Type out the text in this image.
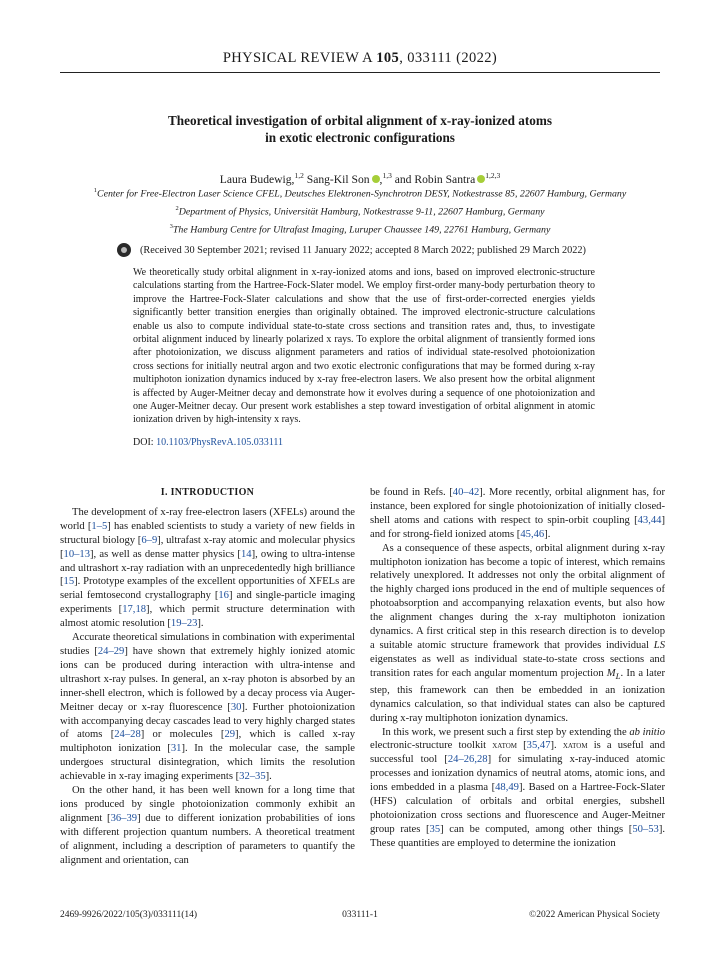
PHYSICAL REVIEW A 105, 033111 (2022)
Theoretical investigation of orbital alignment of x-ray-ionized atoms
in exotic electronic configurations
Laura Budewig,$^{1,2}$ Sang-Kil Son ,$^{1,3}$ and Robin Santra $^{1,2,3}$
$^1$Center for Free-Electron Laser Science CFEL, Deutsches Elektronen-Synchrotron DESY, Notkestrasse 85, 22607 Hamburg, Germany
$^2$Department of Physics, Universität Hamburg, Notkestrasse 9-11, 22607 Hamburg, Germany
$^3$The Hamburg Centre for Ultrafast Imaging, Luruper Chaussee 149, 22761 Hamburg, Germany
(Received 30 September 2021; revised 11 January 2022; accepted 8 March 2022; published 29 March 2022)
We theoretically study orbital alignment in x-ray-ionized atoms and ions, based on improved electronic-structure calculations starting from the Hartree-Fock-Slater model. We employ first-order many-body perturbation theory to improve the Hartree-Fock-Slater calculations and show that the use of first-order-corrected energies yields significantly better transition energies than originally obtained. The improved electronic-structure calculations enable us also to compute individual state-to-state cross sections and transition rates and, thus, to investigate orbital alignment induced by linearly polarized x rays. To explore the orbital alignment of transiently formed ions after photoionization, we discuss alignment parameters and ratios of individual state-resolved photoionization cross sections for initially neutral argon and two exotic electronic configurations that may be formed during x-ray multiphoton ionization dynamics induced by x-ray free-electron lasers. We also present how the orbital alignment is affected by Auger-Meitner decay and demonstrate how it evolves during a sequence of one photoionization and one Auger-Meitner decay. Our present work establishes a step toward investigation of orbital alignment in atomic ionization driven by high-intensity x rays.
DOI: 10.1103/PhysRevA.105.033111
I. INTRODUCTION

The development of x-ray free-electron lasers (XFELs) around the world [1–5] has enabled scientists to study a variety of new fields in structural biology [6–9], ultrafast x-ray atomic and molecular physics [10–13], as well as dense matter physics [14], owing to ultra-intense and ultrashort x-ray radiation with an unprecedentedly high brilliance [15]. Prototype examples of the excellent opportunities of XFELs are serial femtosecond crystallography [16] and single-particle imaging experiments [17,18], which permit structure determination with almost atomic resolution [19–23].

Accurate theoretical simulations in combination with experimental studies [24–29] have shown that extremely highly ionized atomic ions can be produced during interaction with ultra-intense and ultrashort x-ray pulses. In general, an x-ray photon is absorbed by an inner-shell electron, which is followed by a decay process via Auger-Meitner decay or x-ray fluorescence [30]. Further photoionization with accompanying decay cascades lead to very highly charged states of atoms [24–28] or molecules [29], which is called x-ray multiphoton ionization [31]. In the molecular case, the sample undergoes structural disintegration, which limits the resolution achievable in x-ray imaging experiments [32–35].

On the other hand, it has been well known for a long time that ions produced by single photoionization commonly exhibit an alignment [36–39] due to different ionization probabilities of ions with different projection quantum numbers. A theoretical treatment of alignment, including a description of parameters to quantify the alignment and orientation, can

be found in Refs. [40–42]. More recently, orbital alignment has, for instance, been explored for single photoionization of initially closed-shell atoms and cations with respect to spin-orbit coupling [43,44] and for strong-field ionized atoms [45,46].

As a consequence of these aspects, orbital alignment during x-ray multiphoton ionization has become a topic of interest, which remains relatively unexplored. It addresses not only the orbital alignment of the highly charged ions produced in the end of multiple sequences of photoabsorption and accompanying relaxation events, but also how the alignment changes during the x-ray multiphoton ionization dynamics. A first critical step in this research direction is to develop a suitable atomic structure framework that provides individual LS eigenstates as well as individual state-to-state cross sections and transition rates for each angular momentum projection $M_L$. In a later step, this framework can then be embedded in an ionization dynamics calculation, so that individual states can also be captured during x-ray multiphoton ionization dynamics.

In this work, we present such a first step by extending the ab initio electronic-structure toolkit xatom [35,47]. xatom is a useful and successful tool [24–26,28] for simulating x-ray-induced atomic processes and ionization dynamics of neutral atoms, atomic ions, and ions embedded in a plasma [48,49]. Based on a Hartree-Fock-Slater (HFS) calculation of orbitals and orbital energies, subshell photoionization cross sections and fluorescence and Auger-Meitner group rates [35] can be computed, among other things [50–53]. These quantities are employed to determine the ionization

2469-9926/2022/105(3)/033111(14)	033111-1	©2022 American Physical Society
